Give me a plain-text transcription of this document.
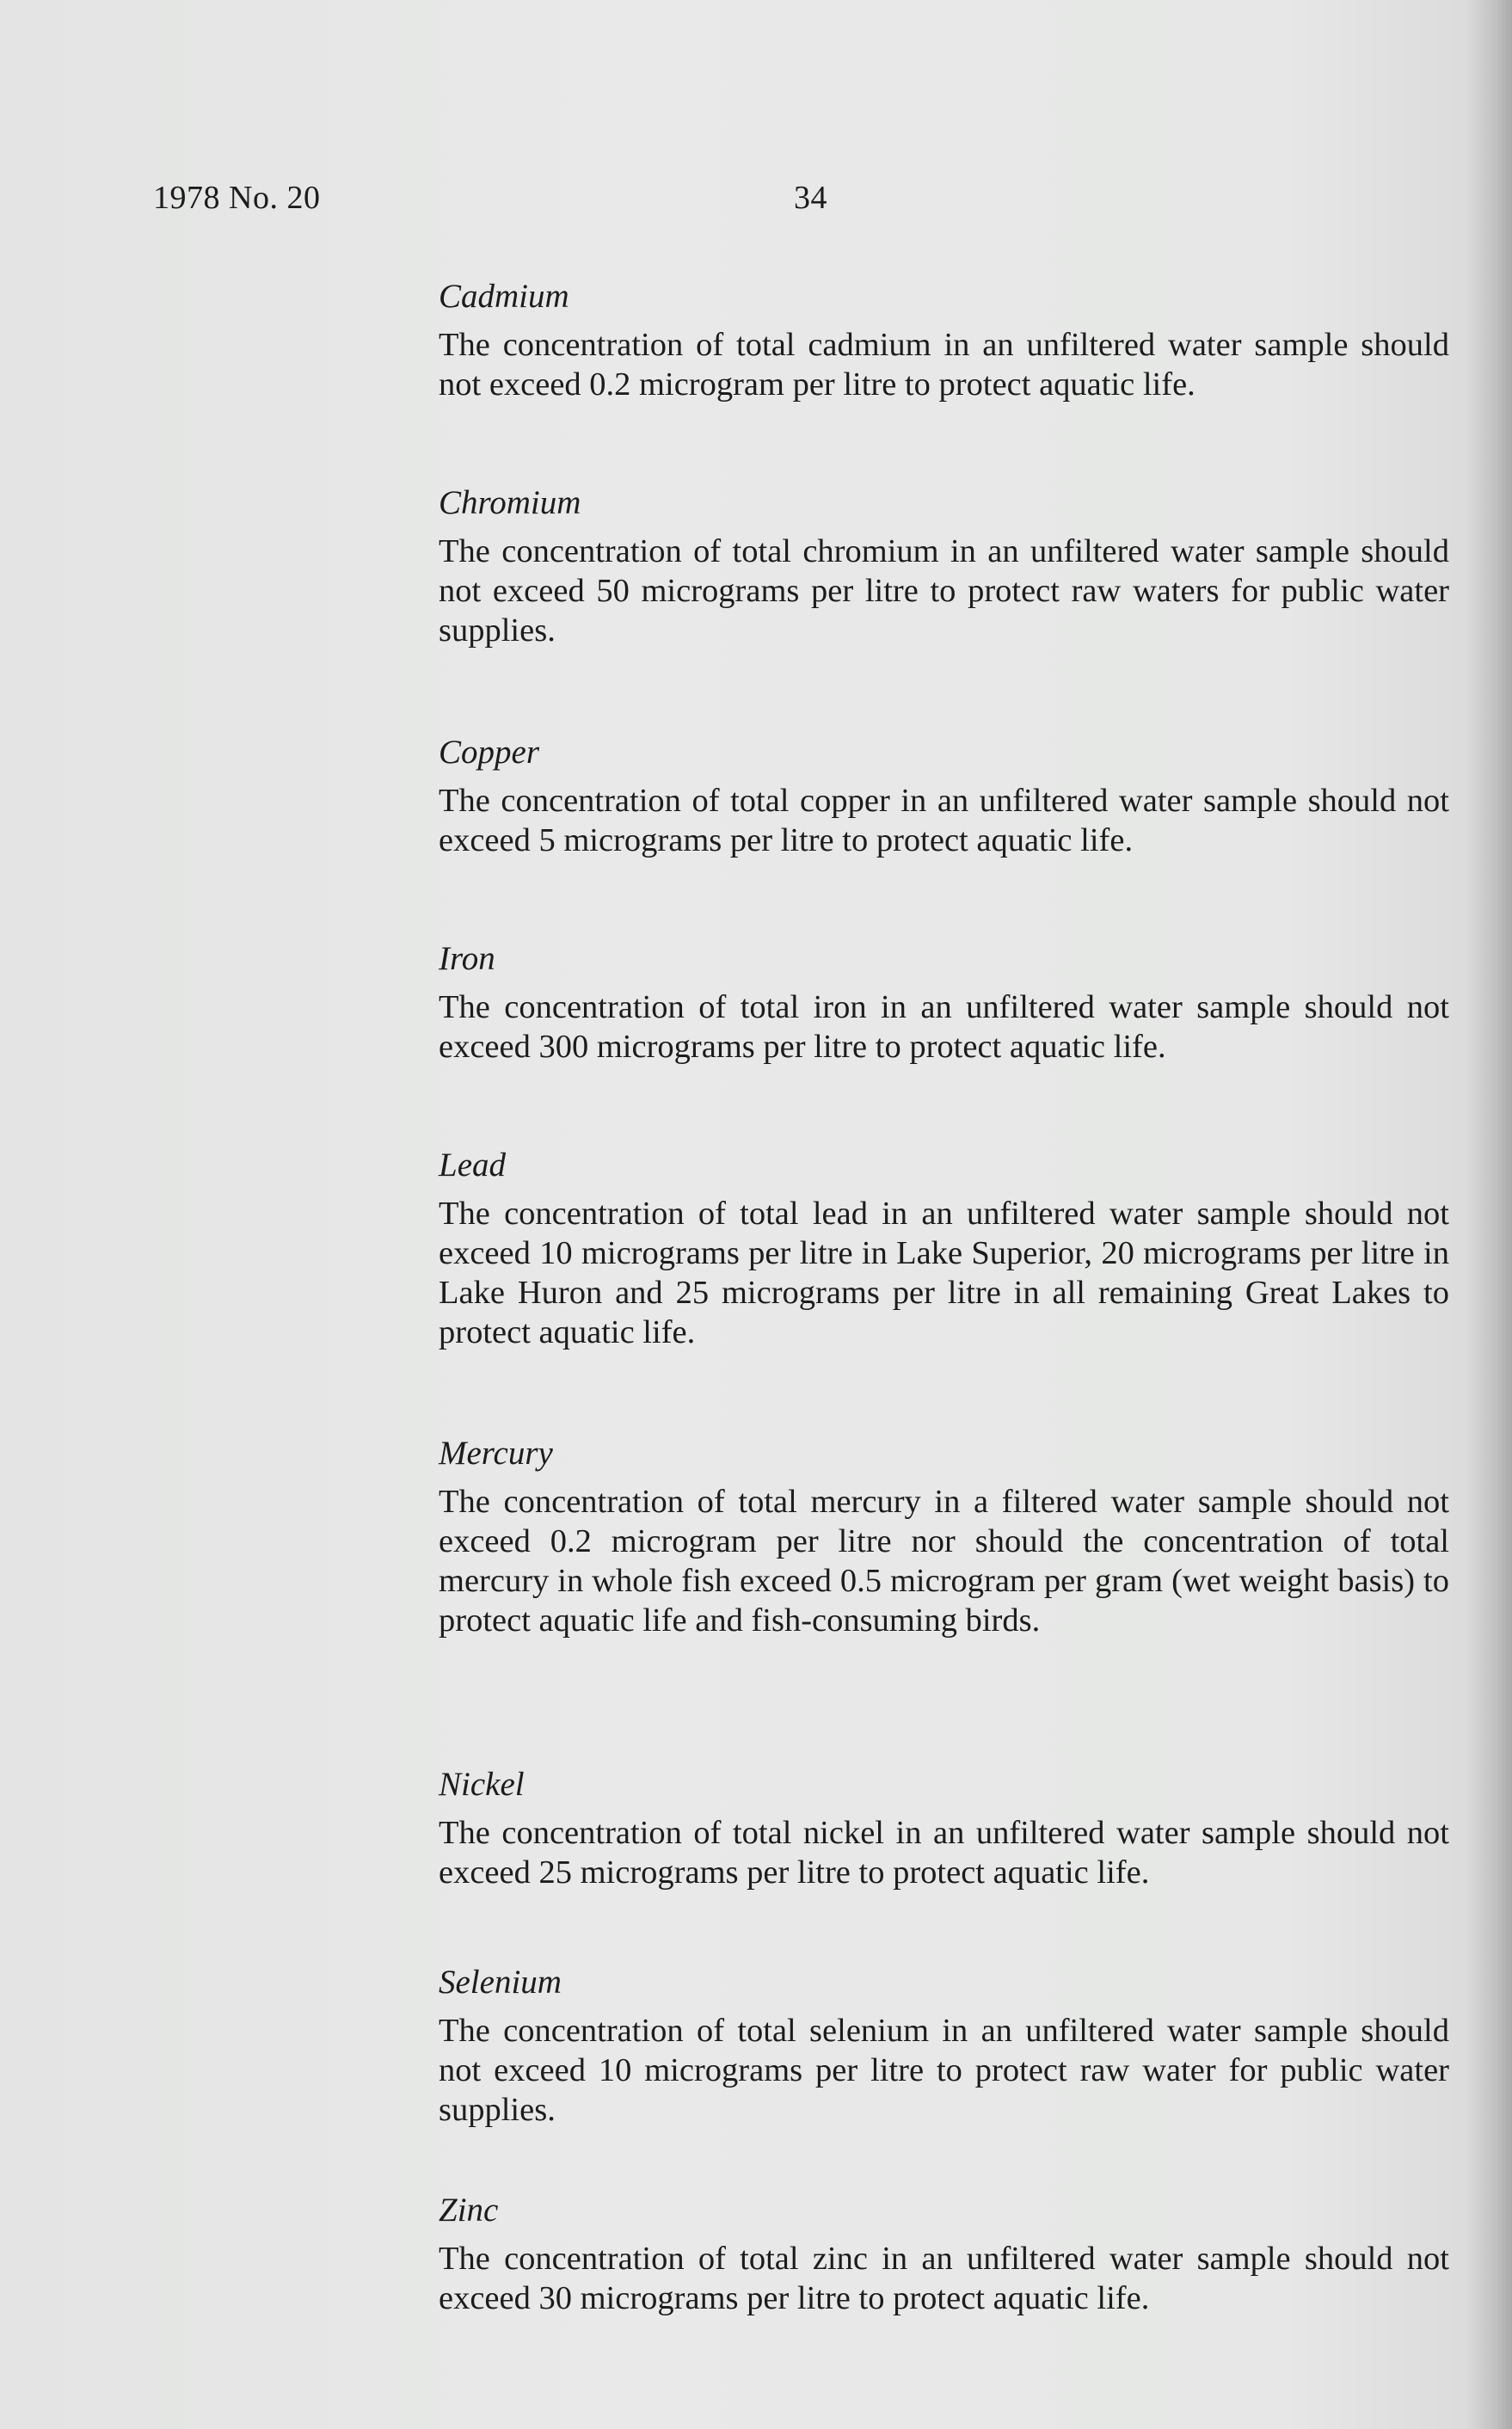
1978 No. 20	34

Cadmium

The concentration of total cadmium in an unfiltered water sample should not exceed 0.2 microgram per litre to protect aquatic life.

Chromium

The concentration of total chromium in an unfiltered water sample should not exceed 50 micrograms per litre to protect raw waters for public water supplies.

Copper

The concentration of total copper in an unfiltered water sample should not exceed 5 micrograms per litre to protect aquatic life.

Iron

The concentration of total iron in an unfiltered water sample should not exceed 300 micrograms per litre to protect aquatic life.

Lead

The concentration of total lead in an unfiltered water sample should not exceed 10 micrograms per litre in Lake Superior, 20 micrograms per litre in Lake Huron and 25 micrograms per litre in all remaining Great Lakes to protect aquatic life.

Mercury

The concentration of total mercury in a filtered water sample should not exceed 0.2 microgram per litre nor should the concentration of total mercury in whole fish exceed 0.5 microgram per gram (wet weight basis) to protect aquatic life and fish-consuming birds.

Nickel

The concentration of total nickel in an unfiltered water sample should not exceed 25 micrograms per litre to protect aquatic life.

Selenium

The concentration of total selenium in an unfiltered water sample should not exceed 10 micrograms per litre to protect raw water for public water supplies.

Zinc

The concentration of total zinc in an unfiltered water sample should not exceed 30 micrograms per litre to protect aquatic life.
